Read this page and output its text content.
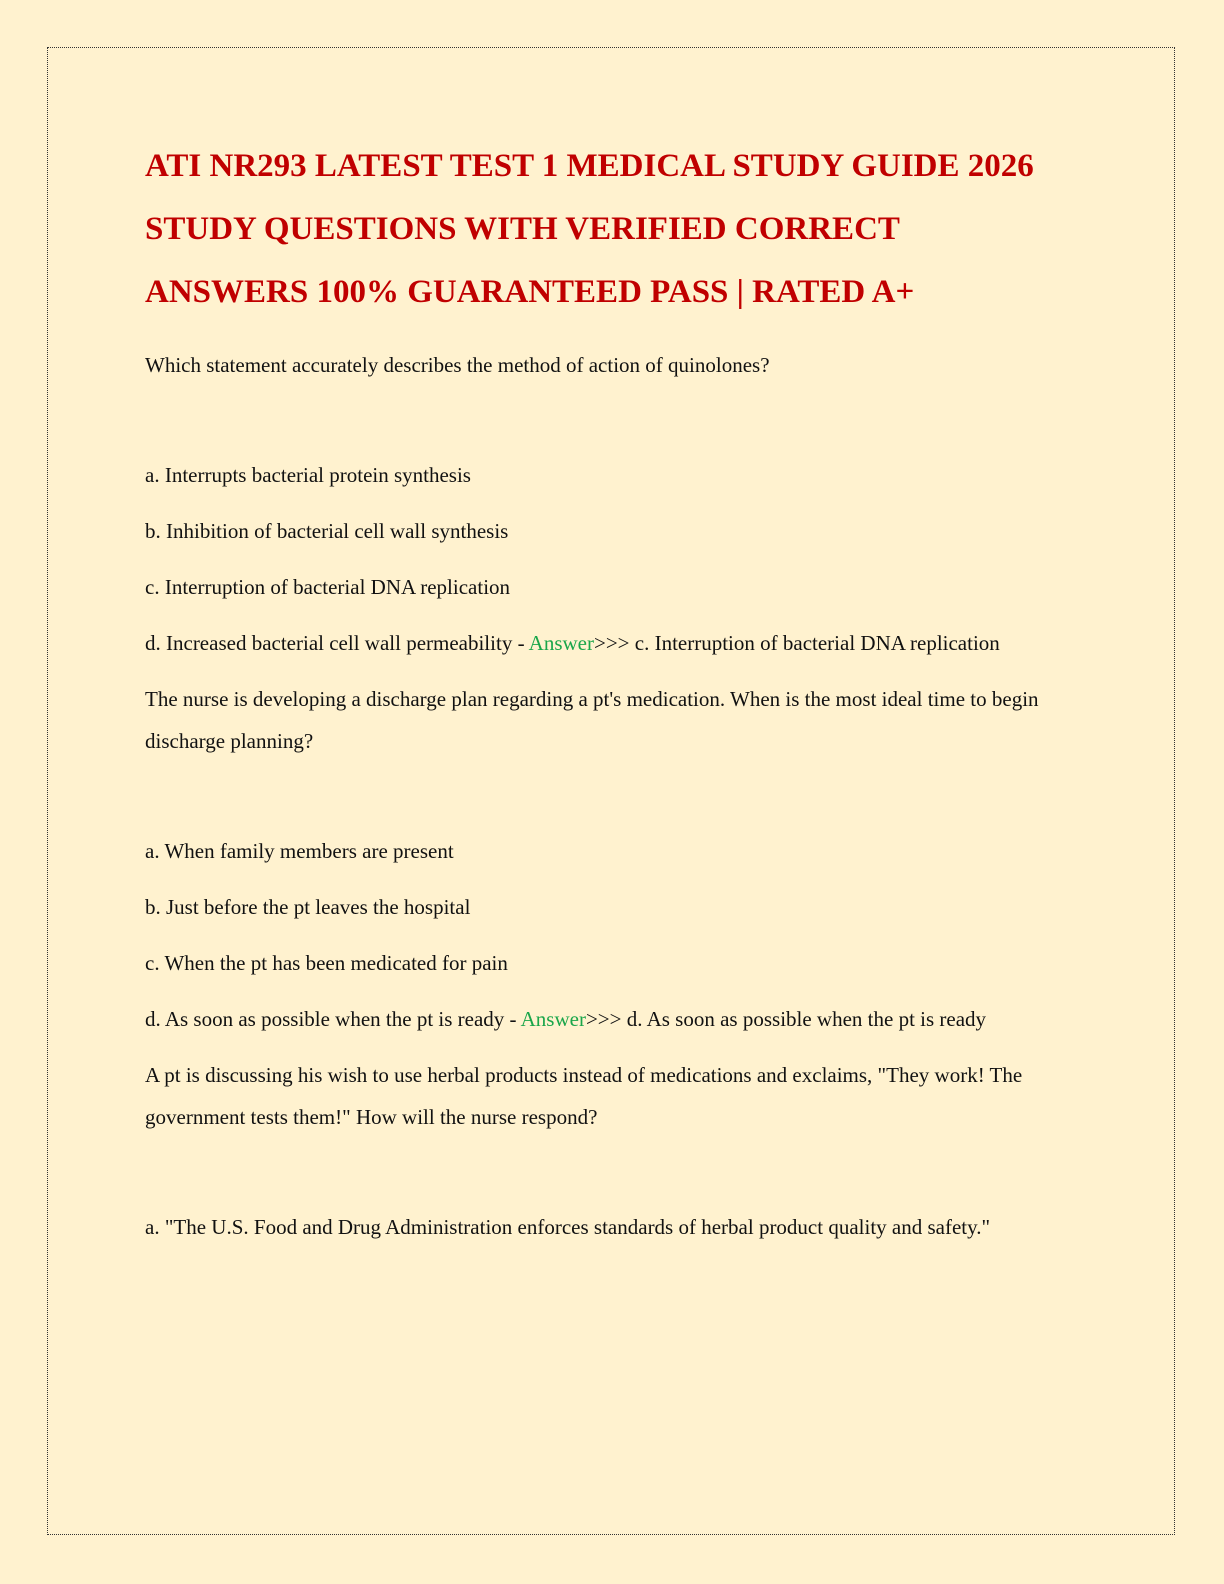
ATI NR293 LATEST TEST 1 MEDICAL STUDY GUIDE 2026 STUDY QUESTIONS WITH VERIFIED CORRECT ANSWERS 100% GUARANTEED PASS | RATED A+

Which statement accurately describes the method of action of quinolones?

a. Interrupts bacterial protein synthesis

b. Inhibition of bacterial cell wall synthesis

c. Interruption of bacterial DNA replication

d. Increased bacterial cell wall permeability - Answer>>> c. Interruption of bacterial DNA replication

The nurse is developing a discharge plan regarding a pt's medication. When is the most ideal time to begin discharge planning?

a. When family members are present

b. Just before the pt leaves the hospital

c. When the pt has been medicated for pain

d. As soon as possible when the pt is ready - Answer>>> d. As soon as possible when the pt is ready

A pt is discussing his wish to use herbal products instead of medications and exclaims, "They work! The government tests them!" How will the nurse respond?

a. "The U.S. Food and Drug Administration enforces standards of herbal product quality and safety."
